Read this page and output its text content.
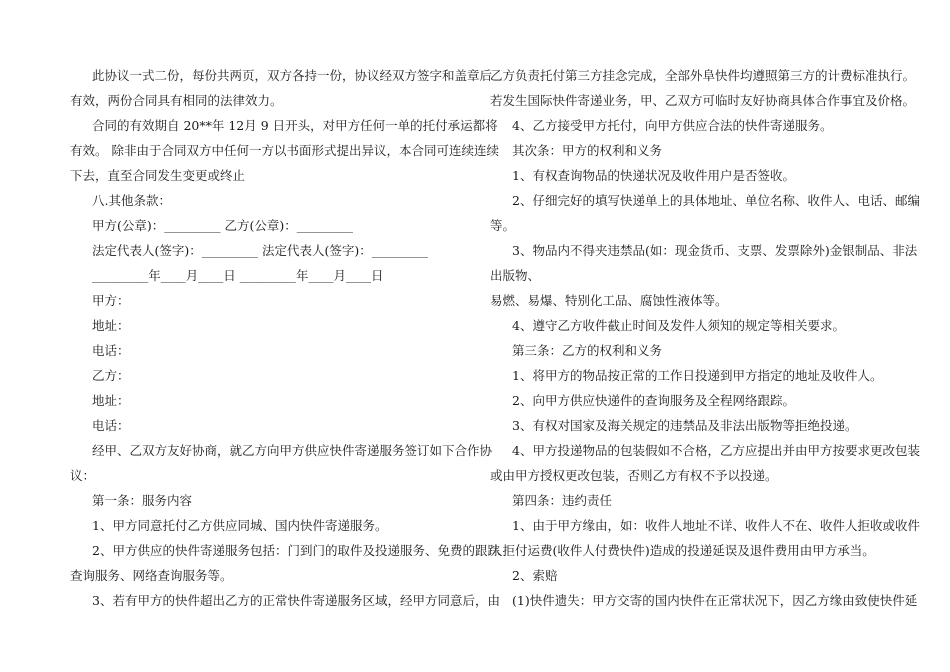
此协议一式二份，每份共两页，双方各持一份，协议经双方签字和盖章后
有效，两份合同具有相同的法律效力。
合同的有效期自 20**年 12月 9 日开头，对甲方任何一单的托付承运都将
有效。 除非由于合同双方中任何一方以书面形式提出异议，本合同可连续连续
下去，直至合同发生变更或终止
八.其他条款：
甲方(公章)：_________ 乙方(公章)：_________
法定代表人(签字)：_________ 法定代表人(签字)：_________
_________年____月____日 _________年____月____日
甲方：
地址：
电话：
乙方：
地址：
电话：
经甲、乙双方友好协商，就乙方向甲方供应快件寄递服务签订如下合作协
议：
第一条：服务内容
1、甲方同意托付乙方供应同城、国内快件寄递服务。
2、甲方供应的快件寄递服务包括：门到门的取件及投递服务、免费的跟踪
查询服务、网络查询服务等。
3、若有甲方的快件超出乙方的正常快件寄递服务区域，经甲方同意后，由
乙方负责托付第三方挂念完成，全部外阜快件均遵照第三方的计费标准执行。
若发生国际快件寄递业务，甲、乙双方可临时友好协商具体合作事宜及价格。
4、乙方接受甲方托付，向甲方供应合法的快件寄递服务。
其次条：甲方的权利和义务
1、有权查询物品的快递状况及收件用户是否签收。
2、仔细完好的填写快递单上的具体地址、单位名称、收件人、电话、邮编
等。
3、物品内不得夹违禁品(如：现金货币、支票、发票除外)金银制品、非法
出版物、
易燃、易爆、特别化工品、腐蚀性液体等。
4、遵守乙方收件截止时间及发件人须知的规定等相关要求。
第三条：乙方的权利和义务
1、将甲方的物品按正常的工作日投递到甲方指定的地址及收件人。
2、向甲方供应快递件的查询服务及全程网络跟踪。
3、有权对国家及海关规定的违禁品及非法出版物等拒绝投递。
4、甲方投递物品的包装假如不合格，乙方应提出并由甲方按要求更改包装
或由甲方授权更改包装，否则乙方有权不予以投递。
第四条：违约责任
1、由于甲方缘由，如：收件人地址不详、收件人不在、收件人拒收或收件
人拒付运费(收件人付费快件)造成的投递延误及退件费用由甲方承当。
2、索赔
(1)快件遗失：甲方交寄的国内快件在正常状况下，因乙方缘由致使快件延
